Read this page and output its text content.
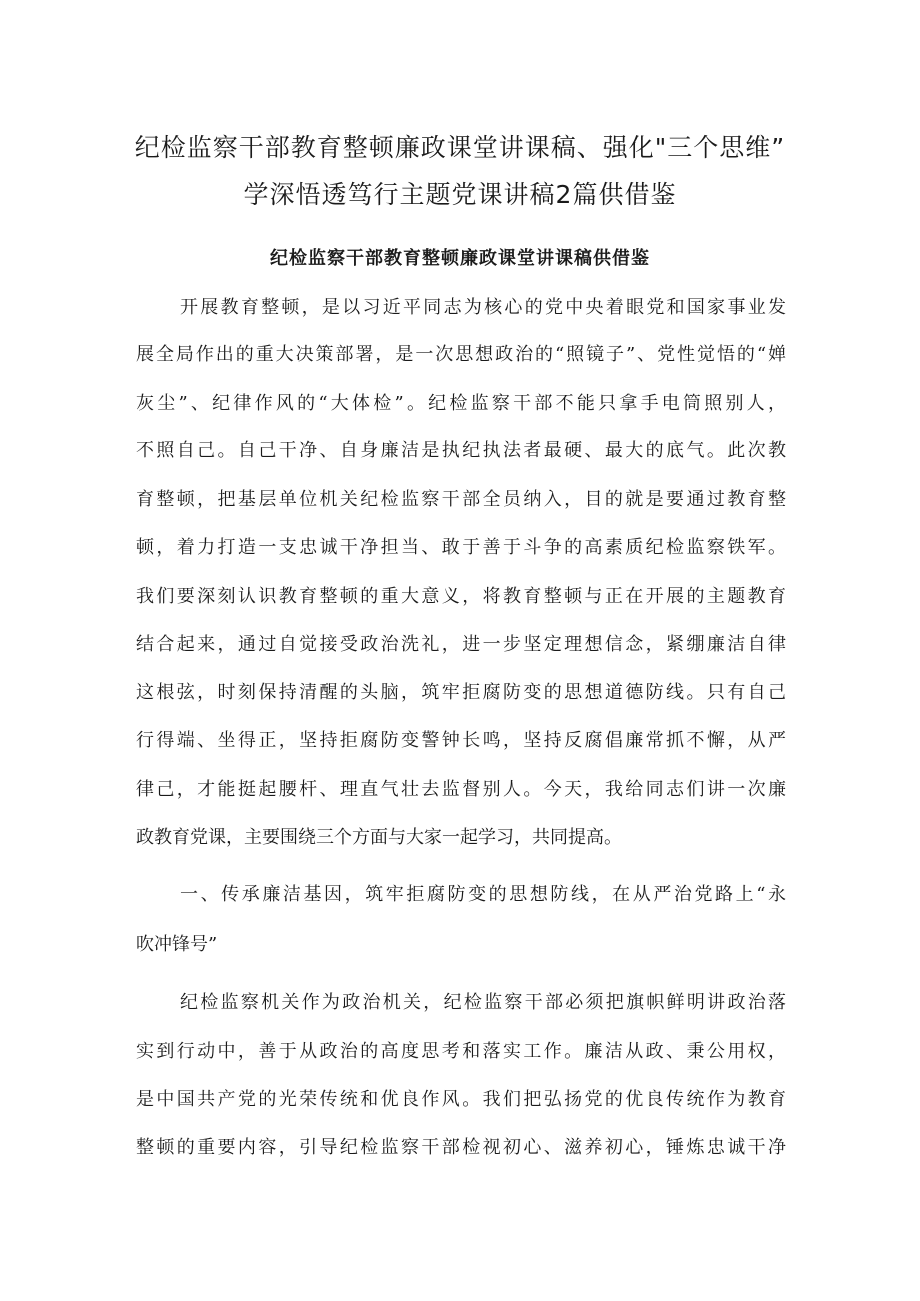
纪检监察干部教育整顿廉政课堂讲课稿、强化"三个思维”
学深悟透笃行主题党课讲稿2篇供借鉴
纪检监察干部教育整顿廉政课堂讲课稿供借鉴

开展教育整顿，是以习近平同志为核心的党中央着眼党和国家事业发

展全局作出的重大决策部署，是一次思想政治的“照镜子”、党性觉悟的“婵

灰尘”、纪律作风的“大体检”。纪检监察干部不能只拿手电筒照别人，

不照自己。自己干净、自身廉洁是执纪执法者最硬、最大的底气。此次教

育整顿，把基层单位机关纪检监察干部全员纳入，目的就是要通过教育整

顿，着力打造一支忠诚干净担当、敢于善于斗争的高素质纪检监察铁军。

我们要深刻认识教育整顿的重大意义，将教育整顿与正在开展的主题教育

结合起来，通过自觉接受政治洗礼，进一步坚定理想信念，紧绷廉洁自律

这根弦，时刻保持清醒的头脑，筑牢拒腐防变的思想道德防线。只有自己

行得端、坐得正，坚持拒腐防变警钟长鸣，坚持反腐倡廉常抓不懈，从严

律己，才能挺起腰杆、理直气壮去监督别人。今天，我给同志们讲一次廉

政教育党课，主要围绕三个方面与大家一起学习，共同提高。

一、传承廉洁基因，筑牢拒腐防变的思想防线，在从严治党路上“永

吹冲锋号”

纪检监察机关作为政治机关，纪检监察干部必须把旗帜鲜明讲政治落

实到行动中，善于从政治的高度思考和落实工作。廉洁从政、秉公用权，

是中国共产党的光荣传统和优良作风。我们把弘扬党的优良传统作为教育

整顿的重要内容，引导纪检监察干部检视初心、滋养初心，锤炼忠诚干净
